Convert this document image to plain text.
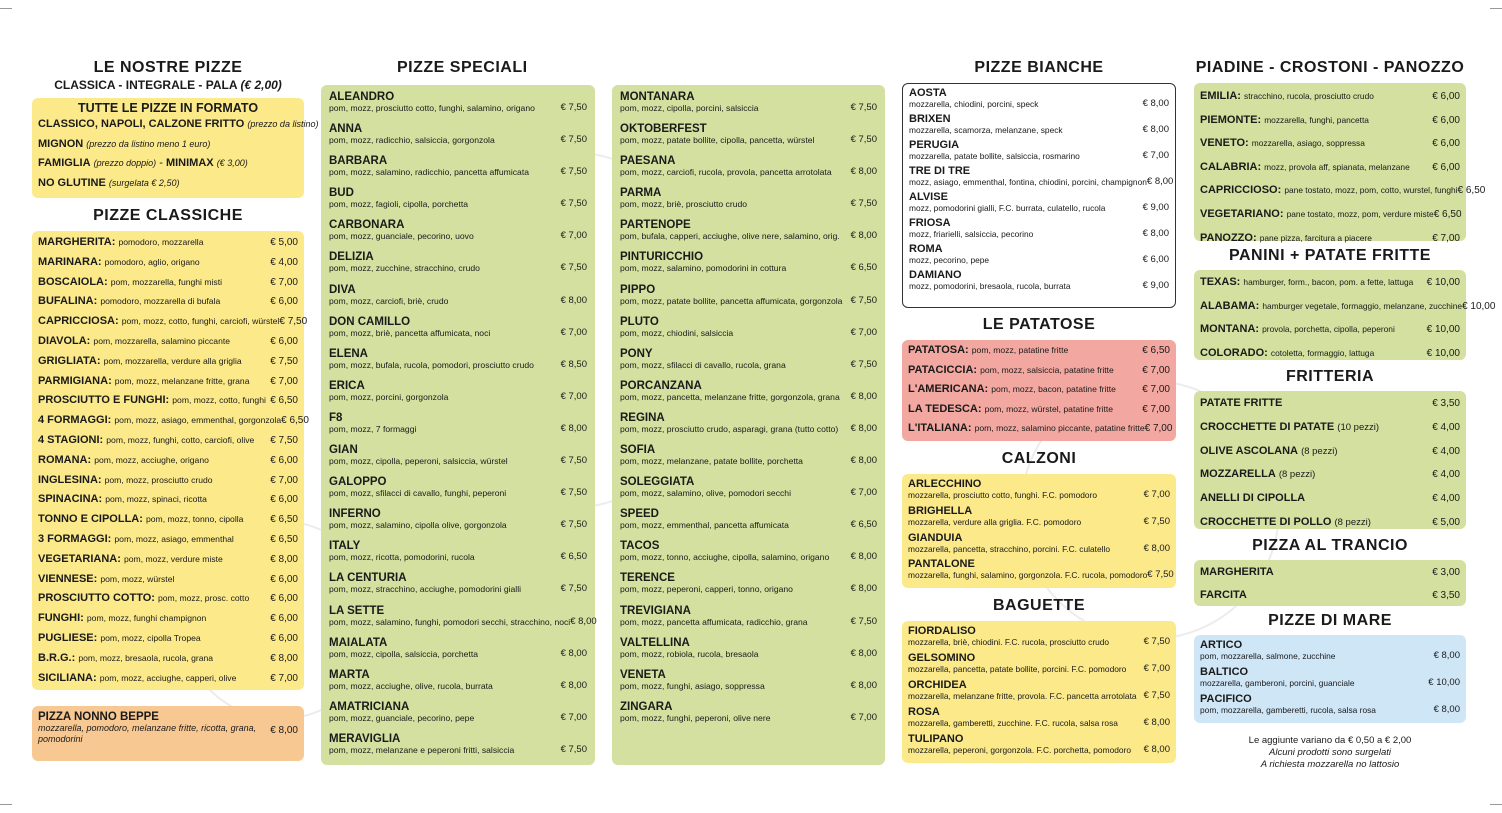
LE NOSTRE PIZZE
CLASSICA - INTEGRALE - PALA (€ 2,00)
TUTTE LE PIZZE IN FORMATO
CLASSICO, NAPOLI, CALZONE FRITTO (prezzo da listino)
MIGNON (prezzo da listino meno 1 euro)
FAMIGLIA (prezzo doppio) - MINIMAX (€ 3,00)
NO GLUTINE (surgelata € 2,50)
PIZZE CLASSICHE
MARGHERITA: pomodoro, mozzarella	€ 5,00
MARINARA: pomodoro, aglio, origano	€ 4,00
BOSCAIOLA: pom, mozzarella, funghi misti	€ 7,00
BUFALINA: pomodoro, mozzarella di bufala	€ 6,00
CAPRICCIOSA: pom, mozz, cotto, funghi, carciofi, würstel € 7,50
DIAVOLA: pom, mozzarella, salamino piccante	€ 6,00
GRIGLIATA: pom, mozzarella, verdure alla griglia	€ 7,50
PARMIGIANA: pom, mozz, melanzane fritte, grana € 7,00
PROSCIUTTO E FUNGHI: pom, mozz, cotto, funghi € 6,50
4 FORMAGGI: pom, mozz, asiago, emmenthal, gorgonzola € 6,50
4 STAGIONI: pom, mozz, funghi, cotto, carciofi, olive € 7,50
ROMANA: pom, mozz, acciughe, origano	€ 6,00
INGLESINA: pom, mozz, prosciutto crudo	€ 7,00
SPINACINA: pom, mozz, spinaci, ricotta	€ 6,00
TONNO E CIPOLLA: pom, mozz, tonno, cipolla	€ 6,50
3 FORMAGGI: pom, mozz, asiago, emmenthal	€ 6,50
VEGETARIANA: pom, mozz, verdure miste	€ 8,00
VIENNESE: pom, mozz, würstel	€ 6,00
PROSCIUTTO COTTO: pom, mozz, prosc. cotto € 6,00
FUNGHI: pom, mozz, funghi champignon	€ 6,00
PUGLIESE: pom, mozz, cipolla Tropea	€ 6,00
B.R.G.: pom, mozz, bresaola, rucola, grana	€ 8,00
SICILIANA: pom, mozz, acciughe, capperi, olive	€ 7,00
PIZZA NONNO BEPPE
mozzarella, pomodoro, melanzane fritte, ricotta, grana, pomodorini
€ 8,00
PIZZE SPECIALI
ALEANDRO
pom, mozz, prosciutto cotto, funghi, salamino, origano	€ 7,50
ANNA
pom, mozz, radicchio, salsiccia, gorgonzola	€ 7,50
BARBARA
pom, mozz, salamino, radicchio, pancetta affumicata	€ 7,50
BUD
pom, mozz, fagioli, cipolla, porchetta	€ 7,50
CARBONARA
pom, mozz, guanciale, pecorino, uovo	€ 7,00
DELIZIA
pom, mozz, zucchine, stracchino, crudo	€ 7,50
DIVA
pom, mozz, carciofi, briè, crudo	€ 8,00
DON CAMILLO
pom, mozz, briè, pancetta affumicata, noci	€ 7,00
ELENA
pom, mozz, bufala, rucola, pomodori, prosciutto crudo	€ 8,50
ERICA
pom, mozz, porcini, gorgonzola	€ 7,00
F8
pom, mozz, 7 formaggi	€ 8,00
GIAN
pom, mozz, cipolla, peperoni, salsiccia, würstel	€ 7,50
GALOPPO
pom, mozz, sfilacci di cavallo, funghi, peperoni	€ 7,50
INFERNO
pom, mozz, salamino, cipolla olive, gorgonzola	€ 7,50
ITALY
pom, mozz, ricotta, pomodorini, rucola	€ 6,50
LA CENTURIA
pom, mozz, stracchino, acciughe, pomodorini gialli	€ 7,50
LA SETTE
pom, mozz, salamino, funghi, pomodori secchi, stracchino, noci € 8,00
MAIALATA
pom, mozz, cipolla, salsiccia, porchetta	€ 8,00
MARTA
pom, mozz, acciughe, olive, rucola, burrata	€ 8,00
AMATRICIANA
pom, mozz, guanciale, pecorino, pepe	€ 7,00
MERAVIGLIA
pom, mozz, melanzane e peperoni fritti, salsiccia	€ 7,50
MONTANARA
pom, mozz, cipolla, porcini, salsiccia	€ 7,50
OKTOBERFEST
pom, mozz, patate bollite, cipolla, pancetta, würstel	€ 7,50
PAESANA
pom, mozz, carciofi, rucola, provola, pancetta arrotolata € 8,00
PARMA
pom, mozz, briè, prosciutto crudo	€ 7,50
PARTENOPE
pom, bufala, capperi, acciughe, olive nere, salamino, orig. € 8,00
PINTURICCHIO
pom, mozz, salamino, pomodorini in cottura	€ 6,50
PIPPO
pom, mozz, patate bollite, pancetta affumicata, gorgonzola € 7,50
PLUTO
pom, mozz, chiodini, salsiccia	€ 7,00
PONY
pom, mozz, sfilacci di cavallo, rucola, grana	€ 7,50
PORCANZANA
pom, mozz, pancetta, melanzane fritte, gorgonzola, grana € 8,00
REGINA
pom, mozz, prosciutto crudo, asparagi, grana (tutto cotto) € 8,00
SOFIA
pom, mozz, melanzane, patate bollite, porchetta	€ 8,00
SOLEGGIATA
pom, mozz, salamino, olive, pomodori secchi	€ 7,00
SPEED
pom, mozz, emmenthal, pancetta affumicata	€ 6,50
TACOS
pom, mozz, tonno, acciughe, cipolla, salamino, origano € 8,00
TERENCE
pom, mozz, peperoni, capperi, tonno, origano	€ 8,00
TREVIGIANA
pom, mozz, pancetta affumicata, radicchio, grana	€ 7,50
VALTELLINA
pom, mozz, robiola, rucola, bresaola	€ 8,00
VENETA
pom, mozz, funghi, asiago, soppressa	€ 8,00
ZINGARA
pom, mozz, funghi, peperoni, olive nere	€ 7,00
PIZZE BIANCHE
AOSTA
mozzarella, chiodini, porcini, speck	€ 8,00
BRIXEN
mozzarella, scamorza, melanzane, speck	€ 8,00
PERUGIA
mozzarella, patate bollite, salsiccia, rosmarino	€ 7,00
TRE DI TRE
mozz, asiago, emmenthal, fontina, chiodini, porcini, champignon € 8,00
ALVISE
mozz, pomodorini gialli, F.C. burrata, culatello, rucola	€ 9,00
FRIOSA
mozz, friarielli, salsiccia, pecorino	€ 8,00
ROMA
mozz, pecorino, pepe	€ 6,00
DAMIANO
mozz, pomodorini, bresaola, rucola, burrata	€ 9,00
LE PATATOSE
PATATOSA: pom, mozz, patatine fritte	€ 6,50
PATACICCIA: pom, mozz, salsiccia, patatine fritte	€ 7,00
L'AMERICANA: pom, mozz, bacon, patatine fritte	€ 7,00
LA TEDESCA: pom, mozz, würstel, patatine fritte	€ 7,00
L'ITALIANA: pom, mozz, salamino piccante, patatine fritte € 7,00
CALZONI
ARLECCHINO
mozzarella, prosciutto cotto, funghi. F.C. pomodoro	€ 7,00
BRIGHELLA
mozzarella, verdure alla griglia. F.C. pomodoro	€ 7,50
GIANDUIA
mozzarella, pancetta, stracchino, porcini. F.C. culatello	€ 8,00
PANTALONE
mozzarella, funghi, salamino, gorgonzola. F.C. rucola, pomodoro € 7,50
BAGUETTE
FIORDALISO
mozzarella, briè, chiodini. F.C. rucola, prosciutto crudo	€ 7,50
GELSOMINO
mozzarella, pancetta, patate bollite, porcini. F.C. pomodoro € 7,00
ORCHIDEA
mozzarella, melanzane fritte, provola. F.C. pancetta arrotolata € 7,50
ROSA
mozzarella, gamberetti, zucchine. F.C. rucola, salsa rosa	€ 8,00
TULIPANO
mozzarella, peperoni, gorgonzola. F.C. porchetta, pomodoro € 8,00
PIADINE - CROSTONI - PANOZZO
EMILIA: stracchino, rucola, prosciutto crudo	€ 6,00
PIEMONTE: mozzarella, funghi, pancetta	€ 6,00
VENETO: mozzarella, asiago, soppressa	€ 6,00
CALABRIA: mozz, provola aff, spianata, melanzane € 6,00
CAPRICCIOSO: pane tostato, mozz, pom, cotto, wurstel, funghi € 6,50
VEGETARIANO: pane tostato, mozz, pom, verdure miste € 6,50
PANOZZO: pane pizza, farcitura a piacere	€ 7,00
PANINI + PATATE FRITTE
TEXAS: hamburger, form., bacon, pom. a fette, lattuga € 10,00
ALABAMA: hamburger vegetale, formaggio, melanzane, zucchine € 10,00
MONTANA: provola, porchetta, cipolla, peperoni	€ 10,00
COLORADO: cotoletta, formaggio, lattuga	€ 10,00
FRITTERIA
PATATE FRITTE	€ 3,50
CROCCHETTE DI PATATE (10 pezzi)	€ 4,00
OLIVE ASCOLANA (8 pezzi)	€ 4,00
MOZZARELLA (8 pezzi)	€ 4,00
ANELLI DI CIPOLLA	€ 4,00
CROCCHETTE DI POLLO (8 pezzi)	€ 5,00
PIZZA AL TRANCIO
MARGHERITA	€ 3,00
FARCITA	€ 3,50
PIZZE DI MARE
ARTICO
pom, mozzarella, salmone, zucchine	€ 8,00
BALTICO
mozzarella, gamberoni, porcini, guanciale	€ 10,00
PACIFICO
pom, mozzarella, gamberetti, rucola, salsa rosa	€ 8,00
Le aggiunte variano da € 0,50 a € 2,00
Alcuni prodotti sono surgelati
A richiesta mozzarella no lattosio
